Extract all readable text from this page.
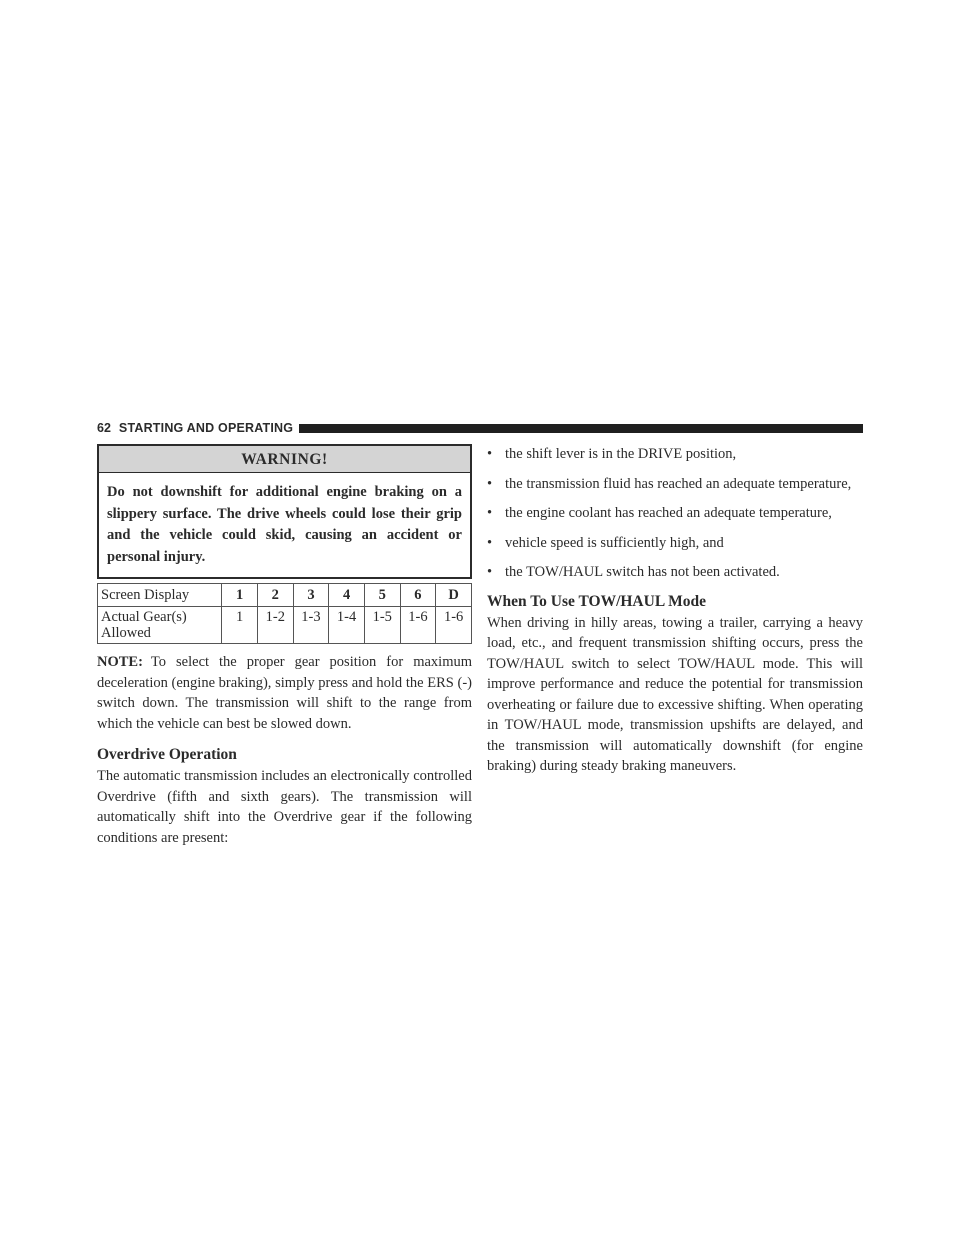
62 STARTING AND OPERATING
WARNING!
Do not downshift for additional engine braking on a slippery surface. The drive wheels could lose their grip and the vehicle could skid, causing an accident or personal injury.
Screen Display	1	2	3	4	5	6	D
Actual Gear(s) Allowed	1	1-2	1-3	1-4	1-5	1-6	1-6

NOTE: To select the proper gear position for maximum deceleration (engine braking), simply press and hold the ERS (-) switch down. The transmission will shift to the range from which the vehicle can best be slowed down.

Overdrive Operation

The automatic transmission includes an electronically controlled Overdrive (fifth and sixth gears). The transmission will automatically shift into the Overdrive gear if the following conditions are present:

• the shift lever is in the DRIVE position,
• the transmission fluid has reached an adequate temperature,
• the engine coolant has reached an adequate temperature,
• vehicle speed is sufficiently high, and
• the TOW/HAUL switch has not been activated.
When To Use TOW/HAUL Mode

When driving in hilly areas, towing a trailer, carrying a heavy load, etc., and frequent transmission shifting occurs, press the TOW/HAUL switch to select TOW/HAUL mode. This will improve performance and reduce the potential for transmission overheating or failure due to excessive shifting. When operating in TOW/HAUL mode, transmission upshifts are delayed, and the transmission will automatically downshift (for engine braking) during steady braking maneuvers.
